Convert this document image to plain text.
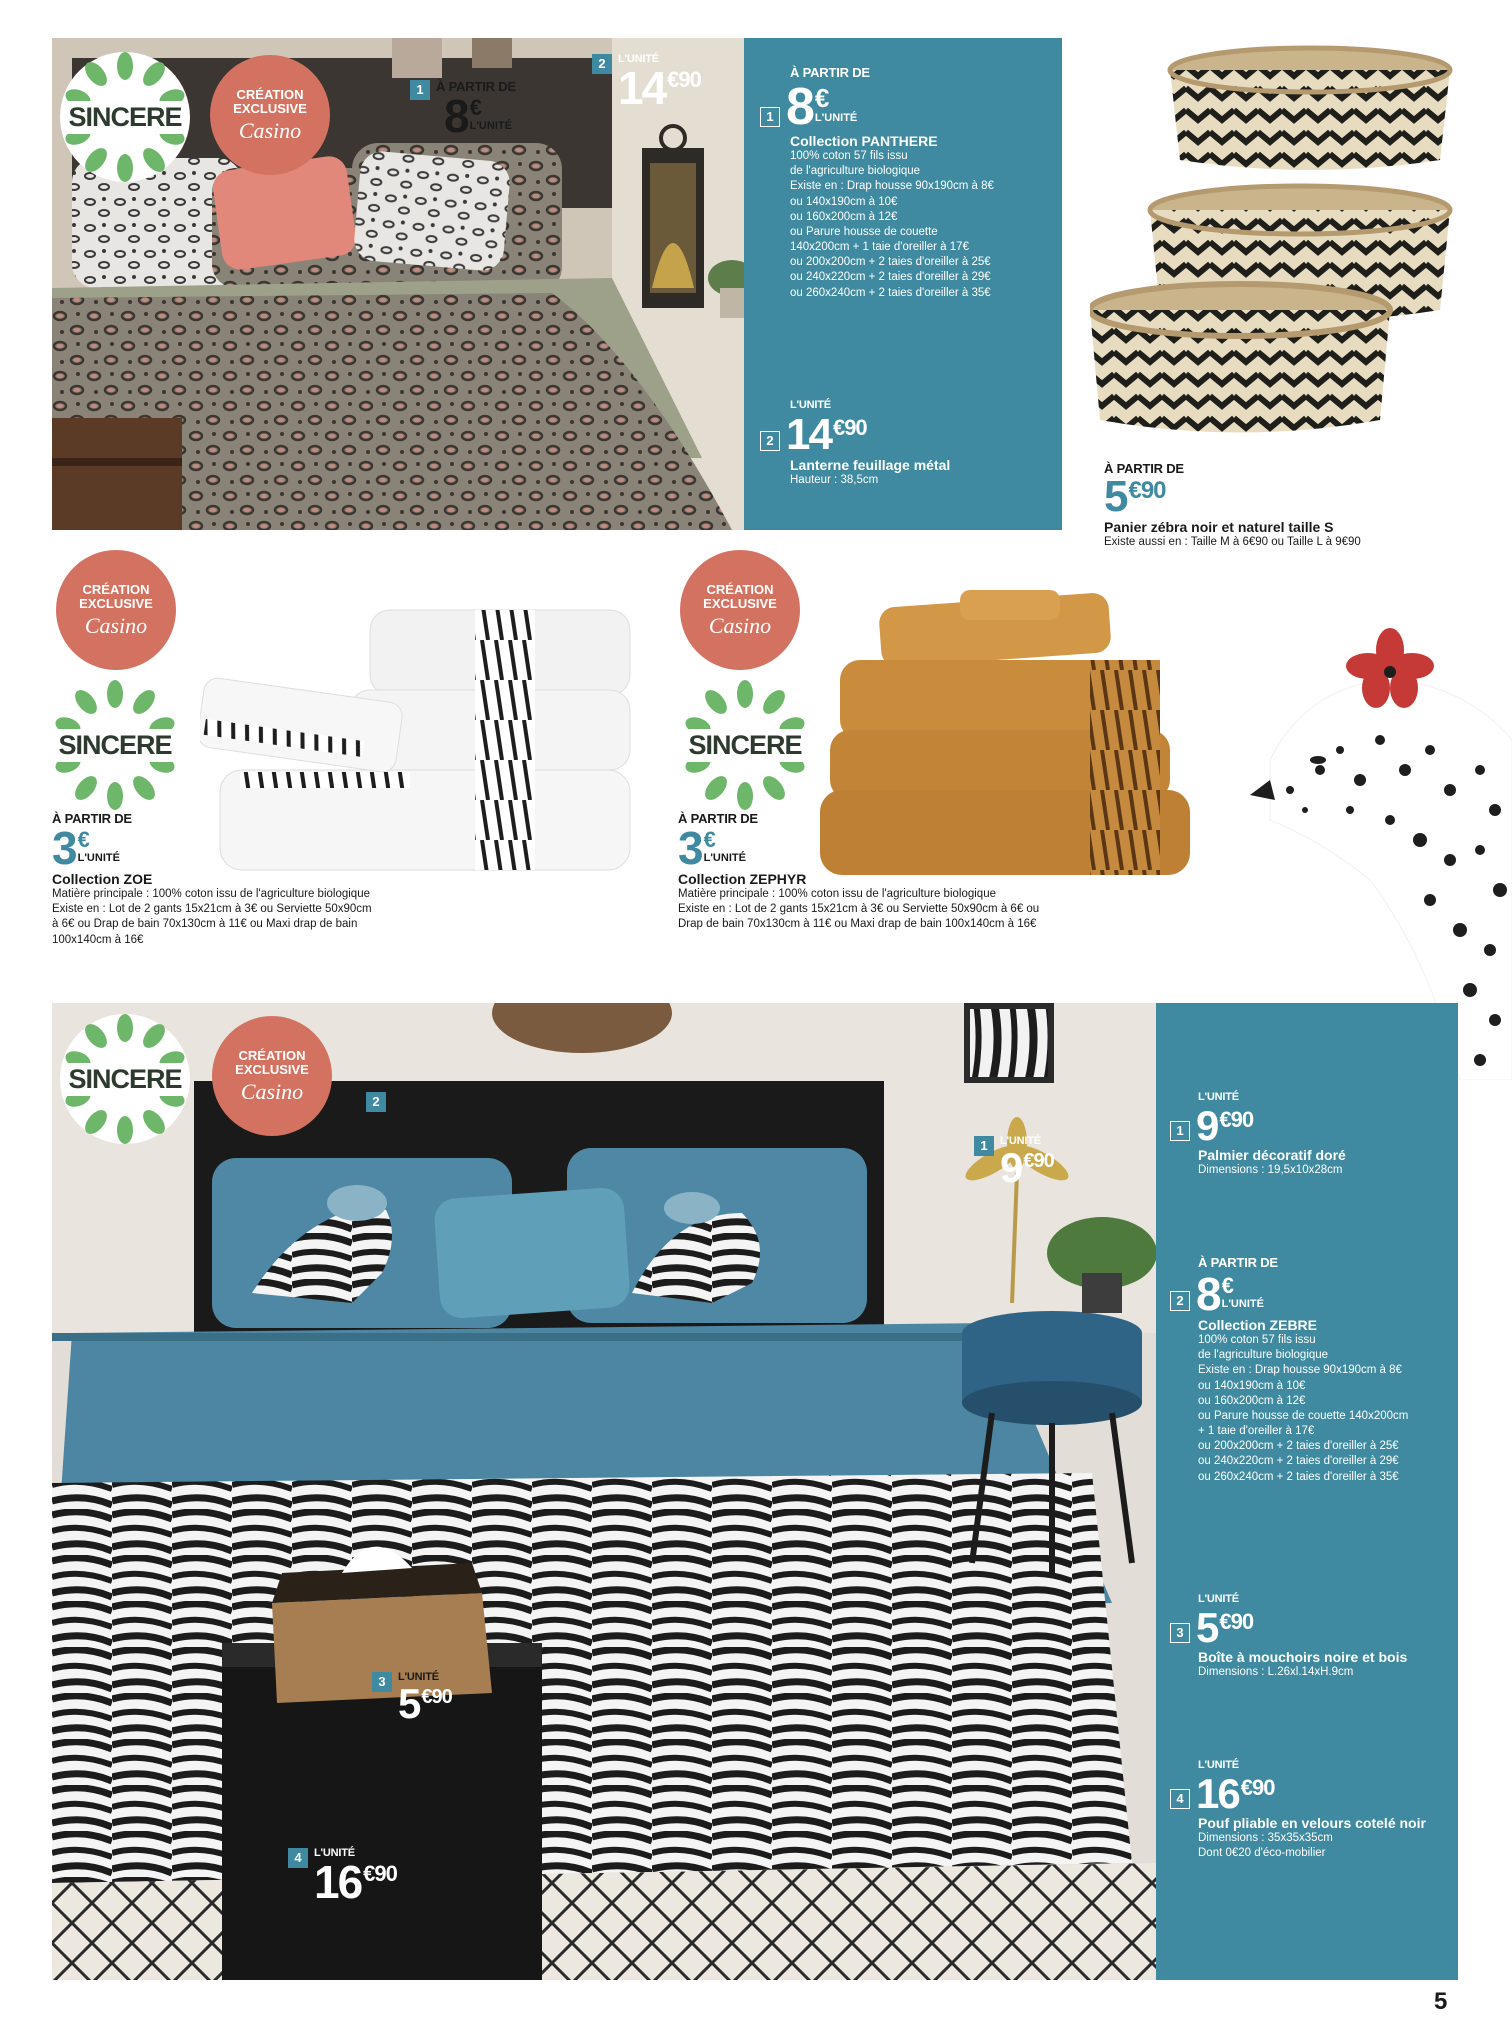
SINCERE
CRÉATION
EXCLUSIVE
Casino
1 À PARTIR DE
8 €
L'UNITÉ
2	L'UNITÉ
14 €90	À PARTIR DE
1 8 €
L'UNITÉ
Collection PANTHERE
100% coton 57 fils issu
de l'agriculture biologique
Existe en : Drap housse 90x190cm à 8€
ou 140x190cm à 10€
ou 160x200cm à 12€
ou Parure housse de couette
140x200cm + 1 taie d'oreiller à 17€
ou 200x200cm + 2 taies d'oreiller à 25€
ou 240x220cm + 2 taies d'oreiller à 29€
ou 260x240cm + 2 taies d'oreiller à 35€
L'UNITÉ
2 14 €90
Lanterne feuillage métal
Hauteur : 38,5cm
À PARTIR DE
5 €90
Panier zébra noir et naturel taille S
Existe aussi en : Taille M à 6€90 ou Taille L à 9€90
CRÉATION
EXCLUSIVE
Casino
SINCERE
À PARTIR DE
3 €
L'UNITÉ
Collection ZOE
Matière principale : 100% coton issu de l'agriculture biologique
Existe en : Lot de 2 gants 15x21cm à 3€ ou Serviette 50x90cm
à 6€ ou Drap de bain 70x130cm à 11€ ou Maxi drap de bain
100x140cm à 16€
CRÉATION
EXCLUSIVE
Casino
SINCERE
À PARTIR DE
3 €
L'UNITÉ
Collection ZEPHYR
Matière principale : 100% coton issu de l'agriculture biologique
Existe en : Lot de 2 gants 15x21cm à 3€ ou Serviette 50x90cm à 6€ ou
Drap de bain 70x130cm à 11€ ou Maxi drap de bain 100x140cm à 16€
SINCERE
CRÉATION
EXCLUSIVE
Casino	2 À PARTIR DE
8 €
L'UNITÉ	1	L'UNITÉ
9 €90
3	L'UNITÉ
5 €90
4	L'UNITÉ
16 €90
L'UNITÉ
1 9 €90
Palmier décoratif doré
Dimensions : 19,5x10x28cm
À PARTIR DE
2 8 €
L'UNITÉ
Collection ZEBRE
100% coton 57 fils issu
de l'agriculture biologique
Existe en : Drap housse 90x190cm à 8€
ou 140x190cm à 10€
ou 160x200cm à 12€
ou Parure housse de couette 140x200cm
+ 1 taie d'oreiller à 17€
ou 200x200cm + 2 taies d'oreiller à 25€
ou 240x220cm + 2 taies d'oreiller à 29€
ou 260x240cm + 2 taies d'oreiller à 35€
L'UNITÉ
3 5 €90
Boîte à mouchoirs noire et bois
Dimensions : L.26xl.14xH.9cm
L'UNITÉ
4 16 €90
Pouf pliable en velours cotelé noir
Dimensions : 35x35x35cm
Dont 0€20 d'éco-mobilier
5
